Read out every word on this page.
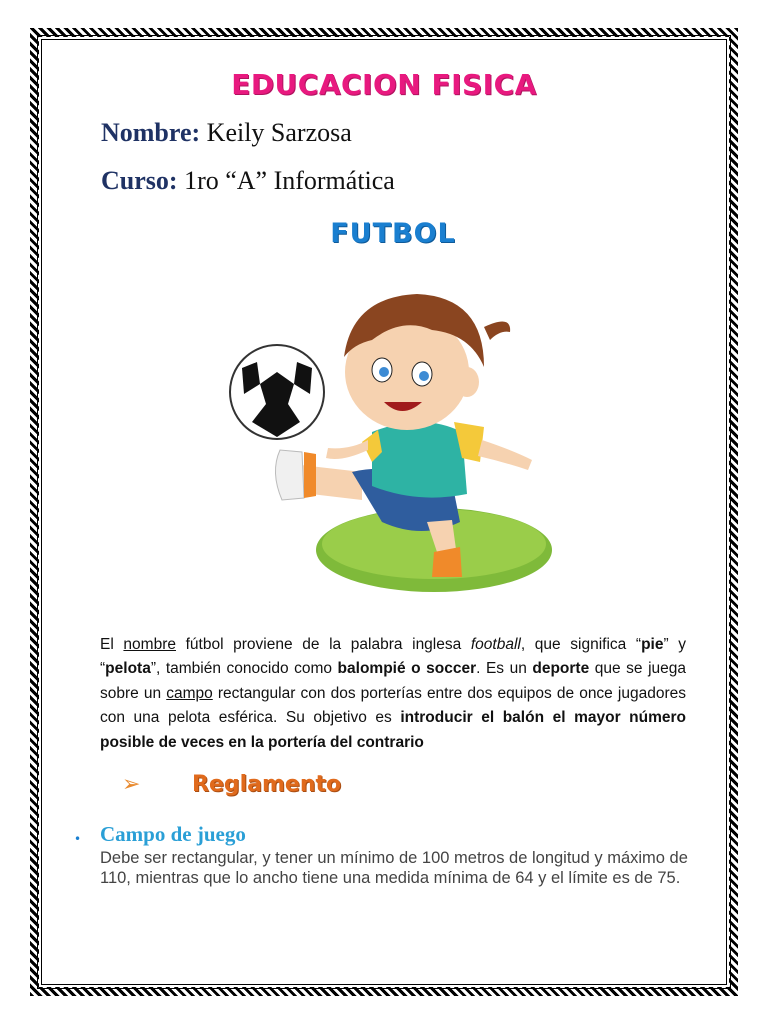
EDUCACION FISICA
Nombre: Keily Sarzosa
Curso: 1ro “A” Informática
FUTBOL
El nombre fútbol proviene de la palabra inglesa football, que significa “pie” y “pelota”, también conocido como balompié o soccer. Es un deporte que se juega sobre un campo rectangular con dos porterías entre dos equipos de once jugadores con una pelota esférica. Su objetivo es introducir el balón el mayor número posible de veces en la portería del contrario
➢	Reglamento
• Campo de juego
Debe ser rectangular, y tener un mínimo de 100 metros de longitud y máximo de 110, mientras que lo ancho tiene una medida mínima de 64 y el límite es de 75.
